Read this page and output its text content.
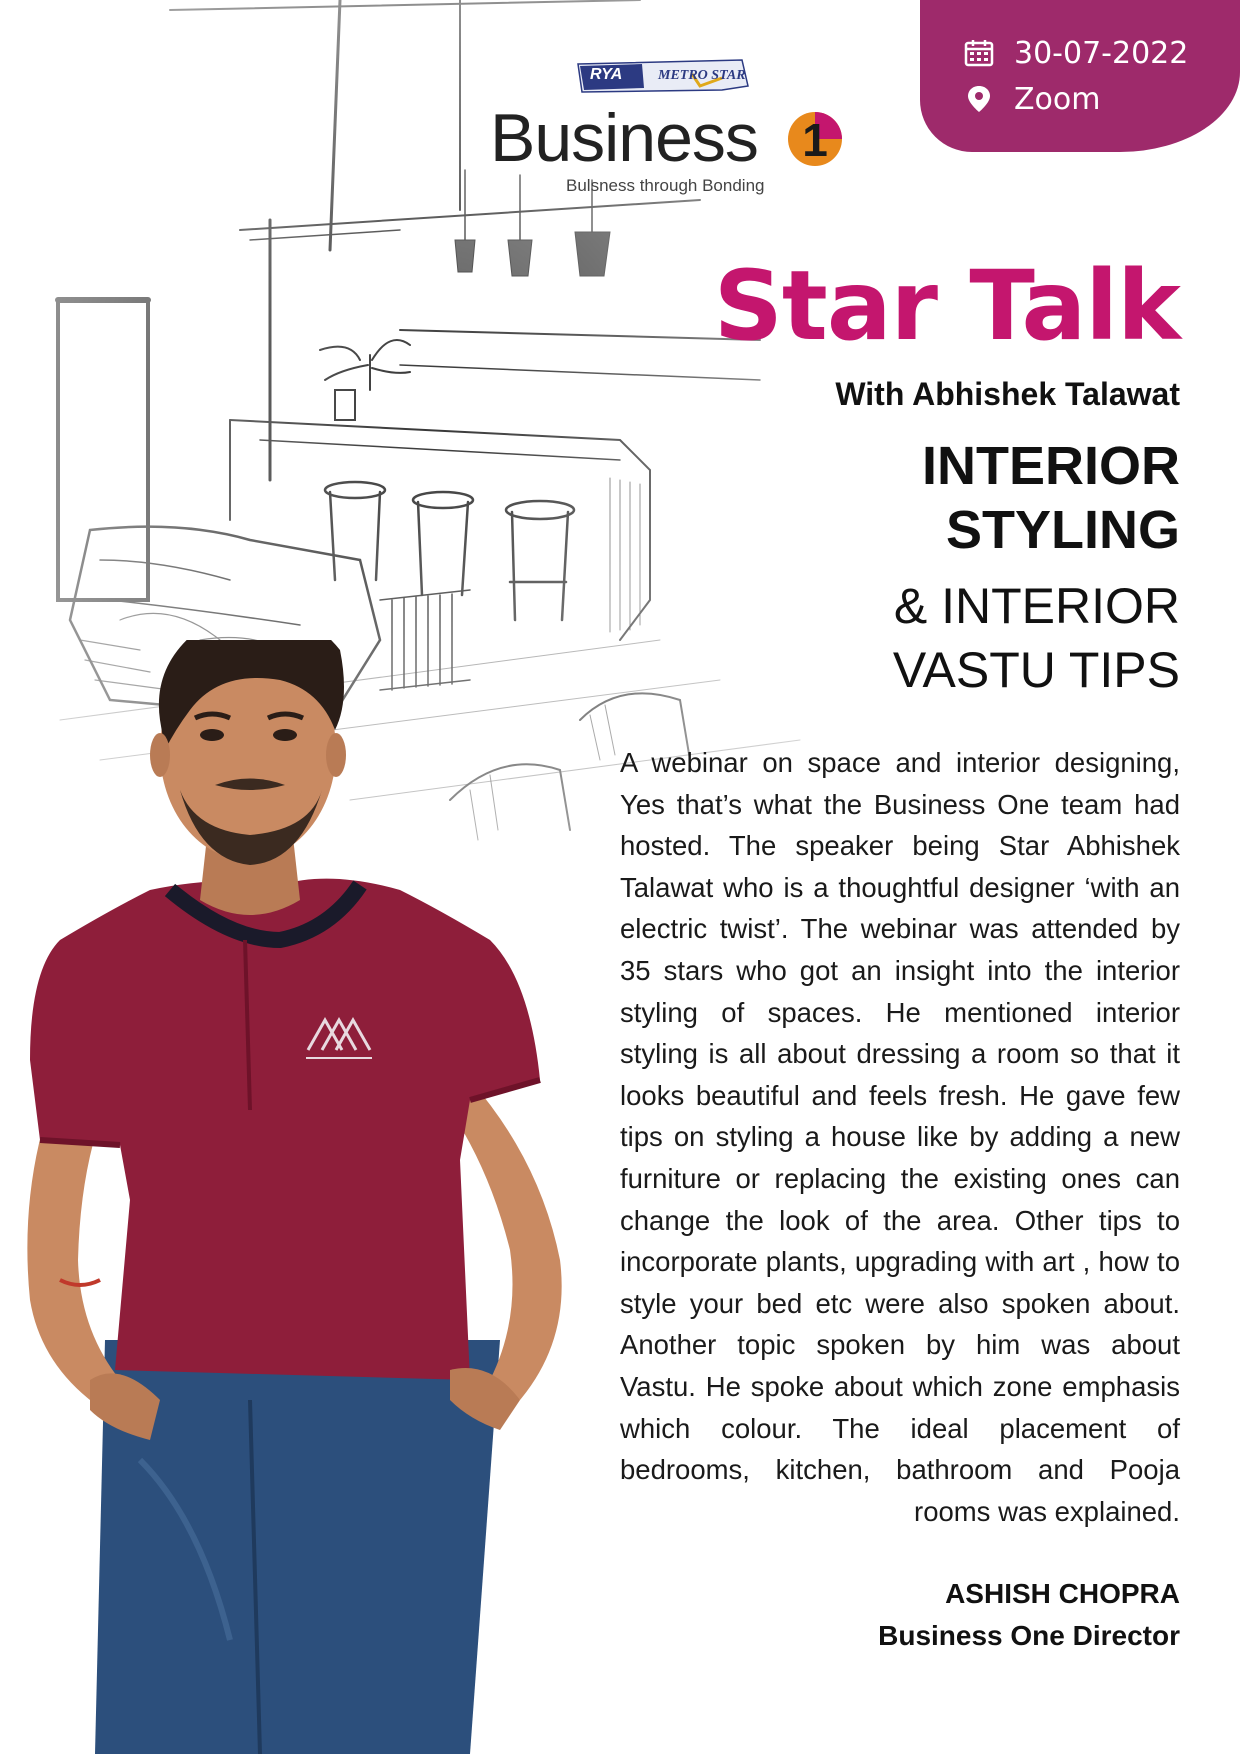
30-07-2022
Zoom
RYA	METRO STAR
Business 1
Bulsness through Bonding
Star Talk
With Abhishek Talawat
INTERIOR
STYLING
& INTERIOR
VASTU TIPS
A webinar on space and interior designing, Yes that’s what the Business One team had hosted. The speaker being Star Abhishek Talawat who is a thoughtful designer ‘with an electric twist’. The webinar was attended by 35 stars who got an insight into the interior styling of spaces. He mentioned interior styling is all about dressing a room so that it looks beautiful and feels fresh. He gave few tips on styling a house like by adding a new furniture or replacing the existing ones can change the look of the area. Other tips to incorporate plants, upgrading with art , how to style your bed etc were also spoken about. Another topic spoken by him was about Vastu. He spoke about which zone emphasis which colour. The ideal placement of bedrooms, kitchen, bathroom and Pooja rooms was explained.
ASHISH CHOPRA
Business One Director
